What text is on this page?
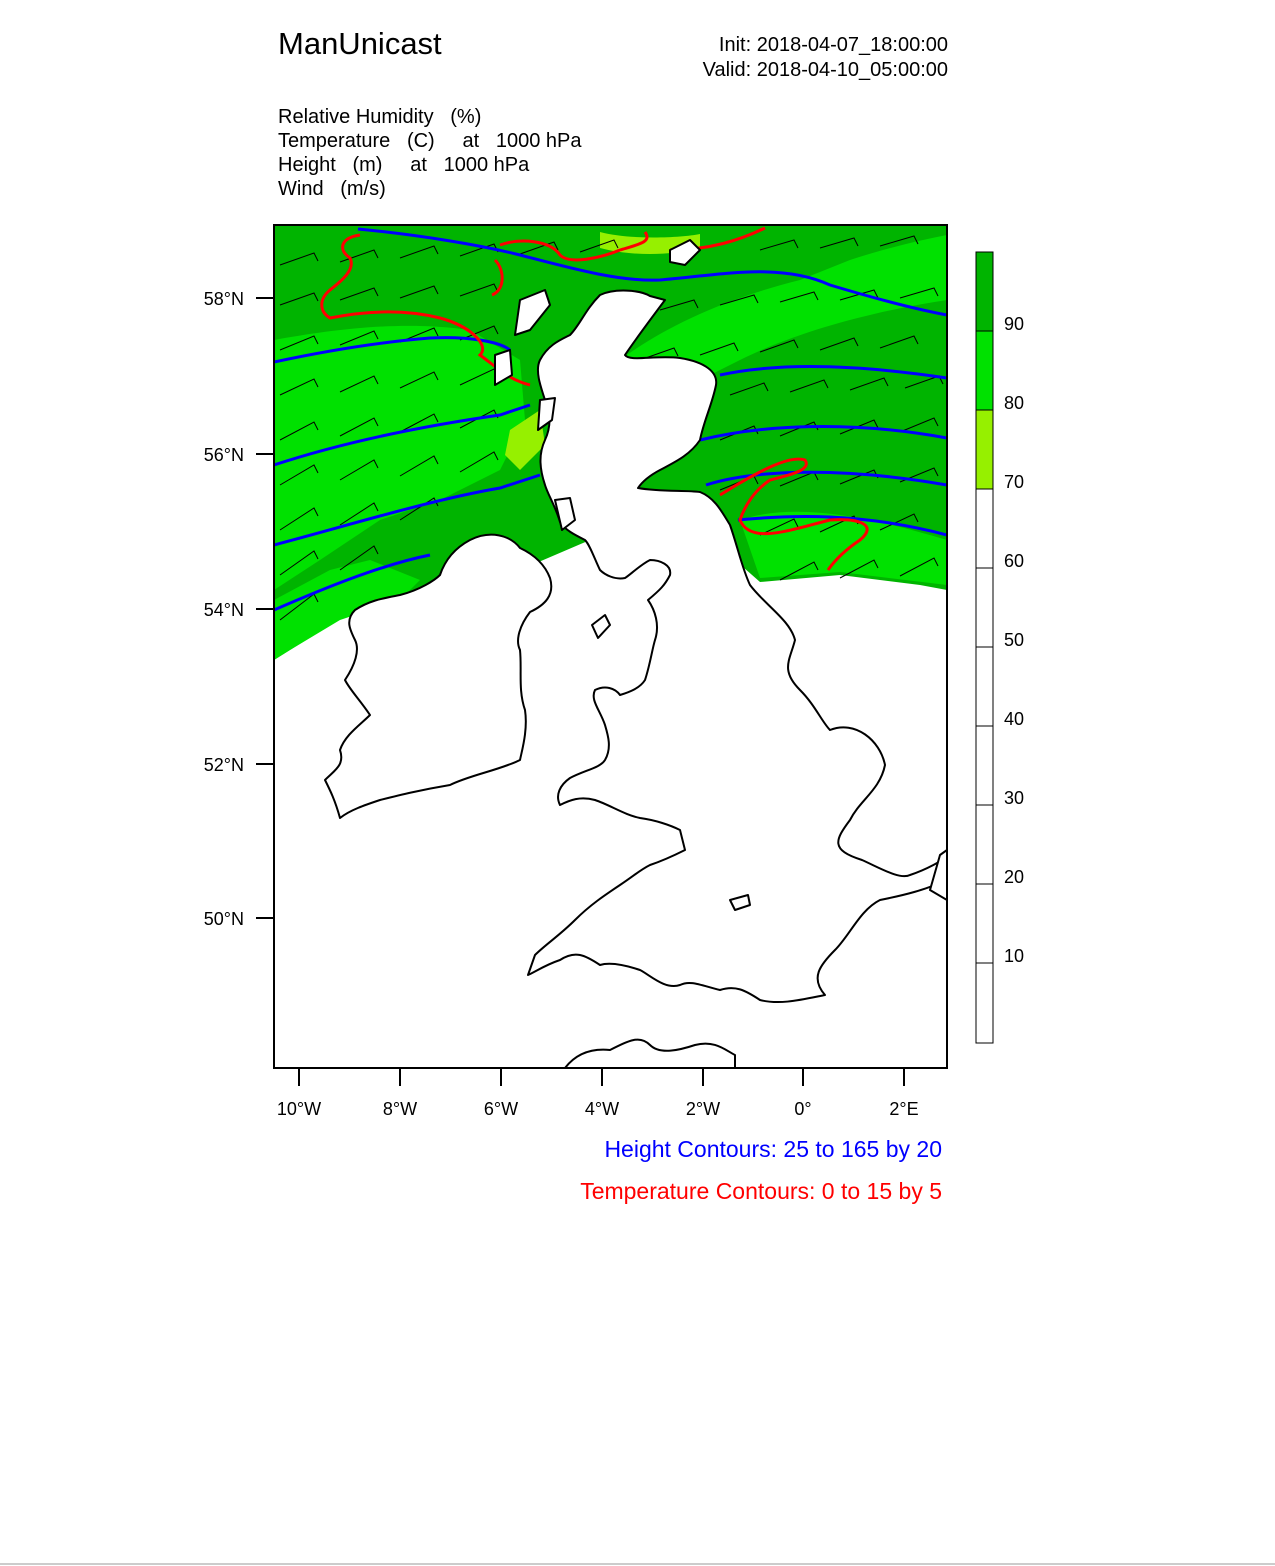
ManUnicast	Init: 2018-04-07_18:00:00
Valid: 2018-04-10_05:00:00
Relative Humidity   (%)
Temperature   (C)     at   1000 hPa
Height   (m)     at   1000 hPa
Wind   (m/s)
58°N
56°N
54°N
52°N
50°N
10°W	8°W	6°W	4°W	2°W	0°	2°E
90
80
70
60
50
40
30
20
10
Height Contours: 25 to 165 by 20
Temperature Contours: 0 to 15 by 5
